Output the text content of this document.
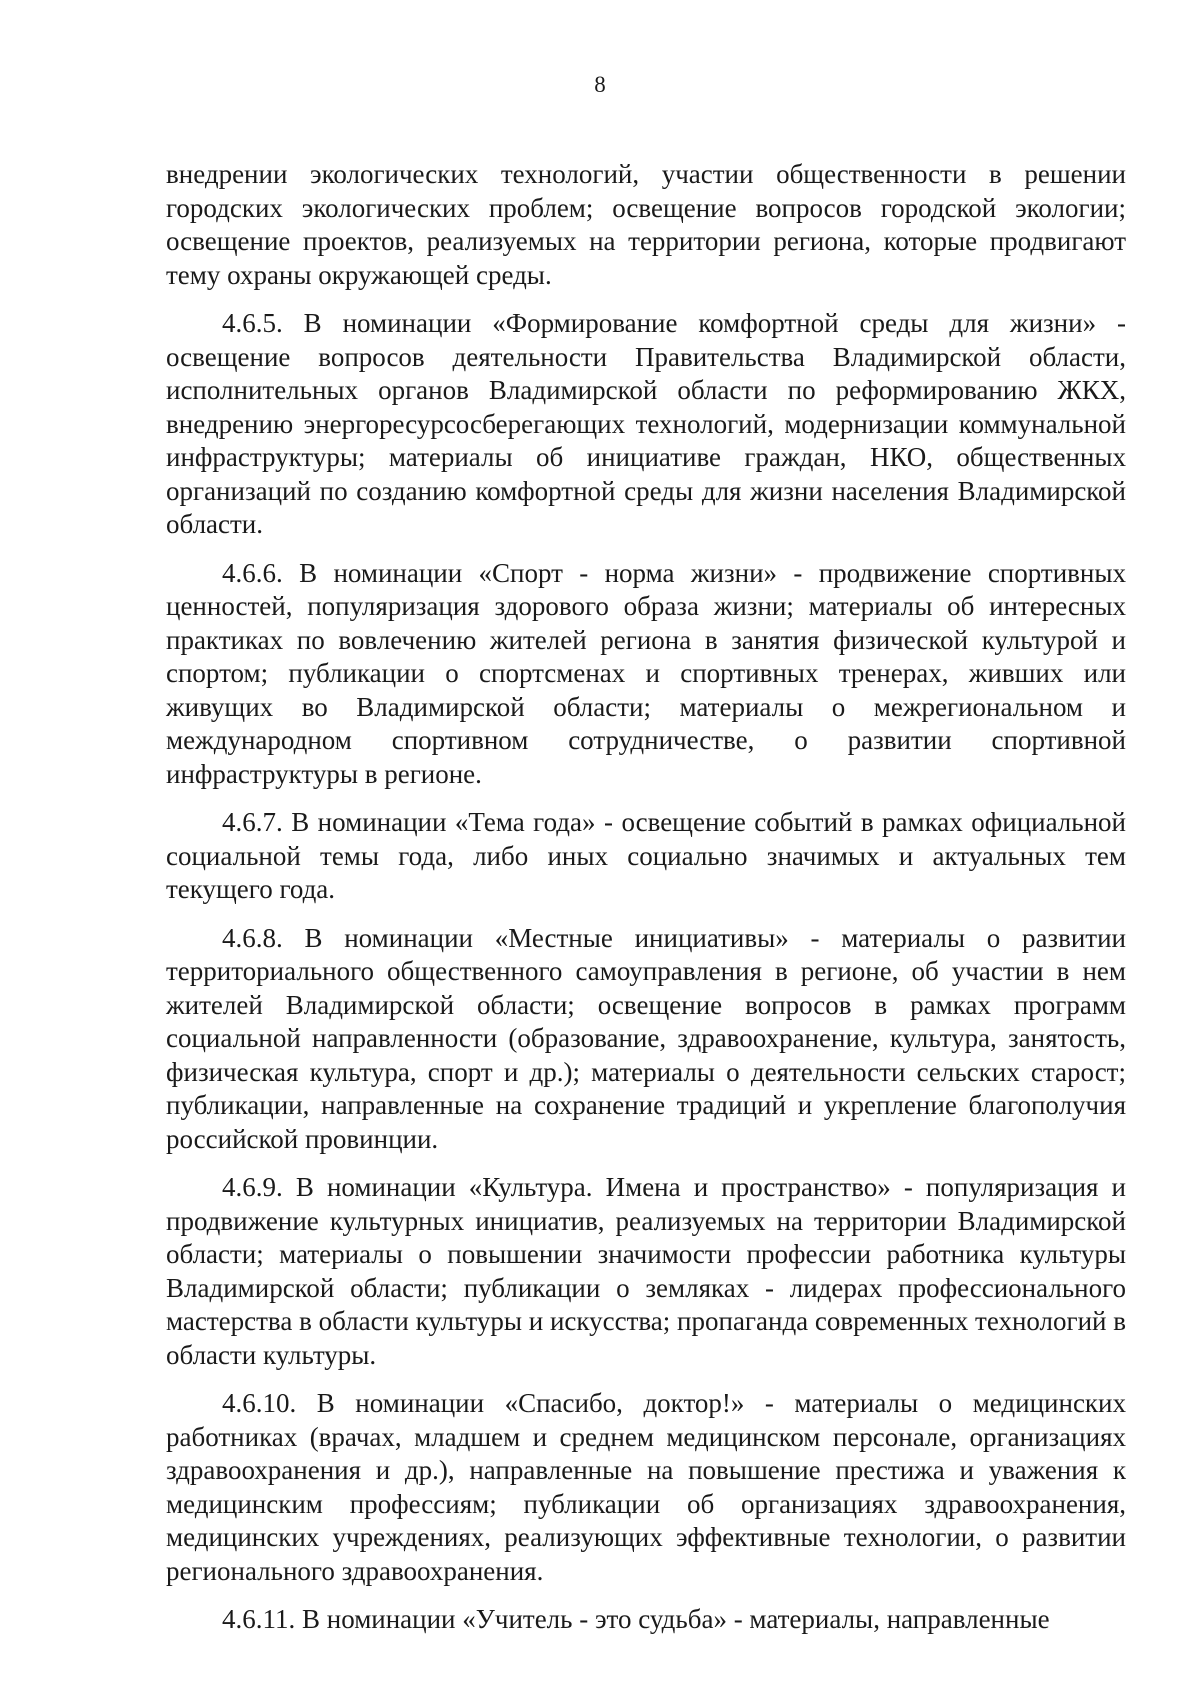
8

внедрении экологических технологий, участии общественности в решении городских экологических проблем; освещение вопросов городской экологии; освещение проектов, реализуемых на территории региона, которые продвигают тему охраны окружающей среды.

4.6.5. В номинации «Формирование комфортной среды для жизни» - освещение вопросов деятельности Правительства Владимирской области, исполнительных органов Владимирской области по реформированию ЖКХ, внедрению энергоресурсосберегающих технологий, модернизации коммунальной инфраструктуры; материалы об инициативе граждан, НКО, общественных организаций по созданию комфортной среды для жизни населения Владимирской области.

4.6.6. В номинации «Спорт - норма жизни» - продвижение спортивных ценностей, популяризация здорового образа жизни; материалы об интересных практиках по вовлечению жителей региона в занятия физической культурой и спортом; публикации о спортсменах и спортивных тренерах, живших или живущих во Владимирской области; материалы о межрегиональном и международном спортивном сотрудничестве, о развитии спортивной инфраструктуры в регионе.

4.6.7. В номинации «Тема года» - освещение событий в рамках официальной социальной темы года, либо иных социально значимых и актуальных тем текущего года.

4.6.8. В номинации «Местные инициативы» - материалы о развитии территориального общественного самоуправления в регионе, об участии в нем жителей Владимирской области; освещение вопросов в рамках программ социальной направленности (образование, здравоохранение, культура, занятость, физическая культура, спорт и др.); материалы о деятельности сельских старост; публикации, направленные на сохранение традиций и укрепление благополучия российской провинции.

4.6.9. В номинации «Культура. Имена и пространство» - популяризация и продвижение культурных инициатив, реализуемых на территории Владимирской области; материалы о повышении значимости профессии работника культуры Владимирской области; публикации о земляках - лидерах профессионального мастерства в области культуры и искусства; пропаганда современных технологий в области культуры.

4.6.10. В номинации «Спасибо, доктор!» - материалы о медицинских работниках (врачах, младшем и среднем медицинском персонале, организациях здравоохранения и др.), направленные на повышение престижа и уважения к медицинским профессиям; публикации об организациях здравоохранения, медицинских учреждениях, реализующих эффективные технологии, о развитии регионального здравоохранения.

4.6.11. В номинации «Учитель - это судьба» - материалы, направленные
